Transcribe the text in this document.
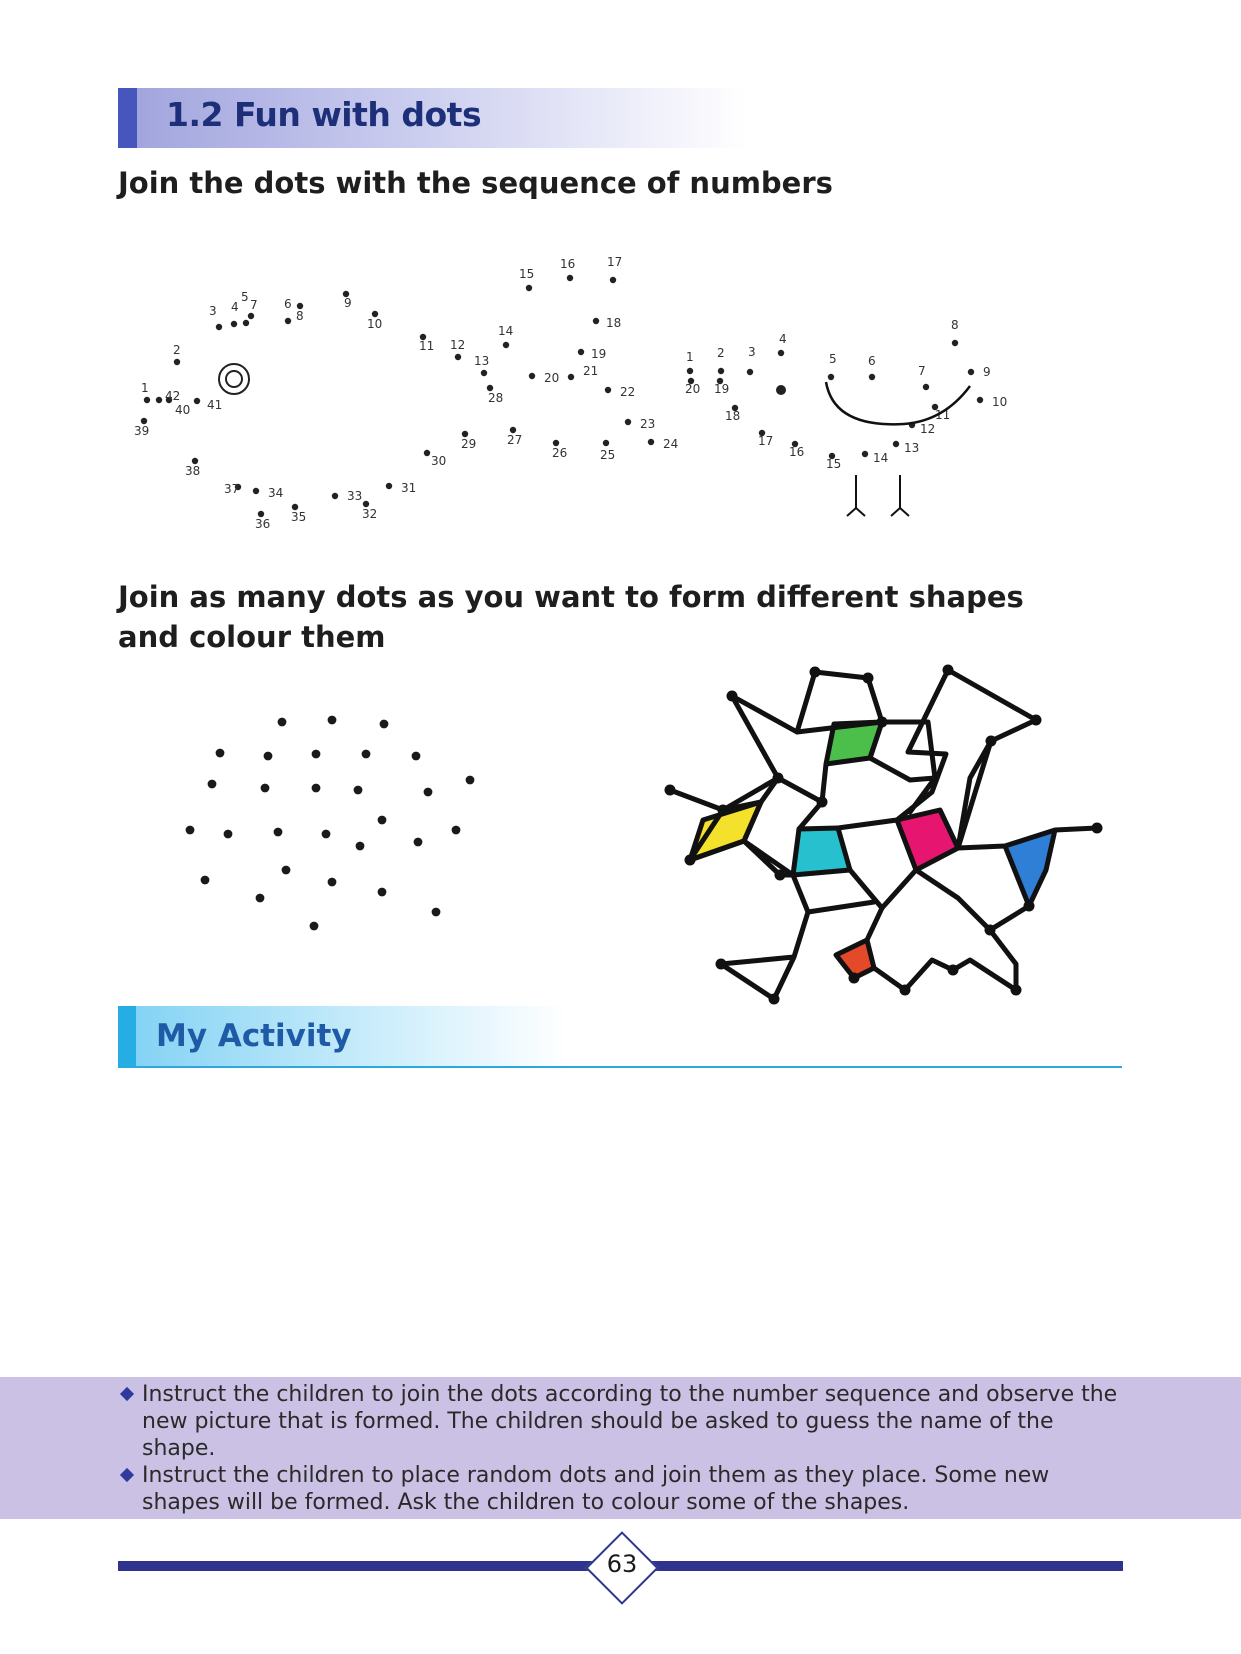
1.2 Fun with dots
Join the dots with the sequence of numbers
1
2
3 4
5	6
7
8
9
10
11 12
13
14
15
16	17
18
19
20 21
22
23
24
25
26
27
28
29
30
31
32
33
34
35
36
37
38
39
40 41
42
1 2 3
4
5	6
7
8
9
10
11
12
13
14
15
16
17
18
19
20
Join as many dots as you want to form different shapes
and colour them
My Activity
Instruct the children to join the dots according to the number sequence and observe the new picture that is formed. The children should be asked to guess the name of the shape.
Instruct the children to place random dots and join them as they place. Some new shapes will be formed. Ask the children to colour some of the shapes.
63
